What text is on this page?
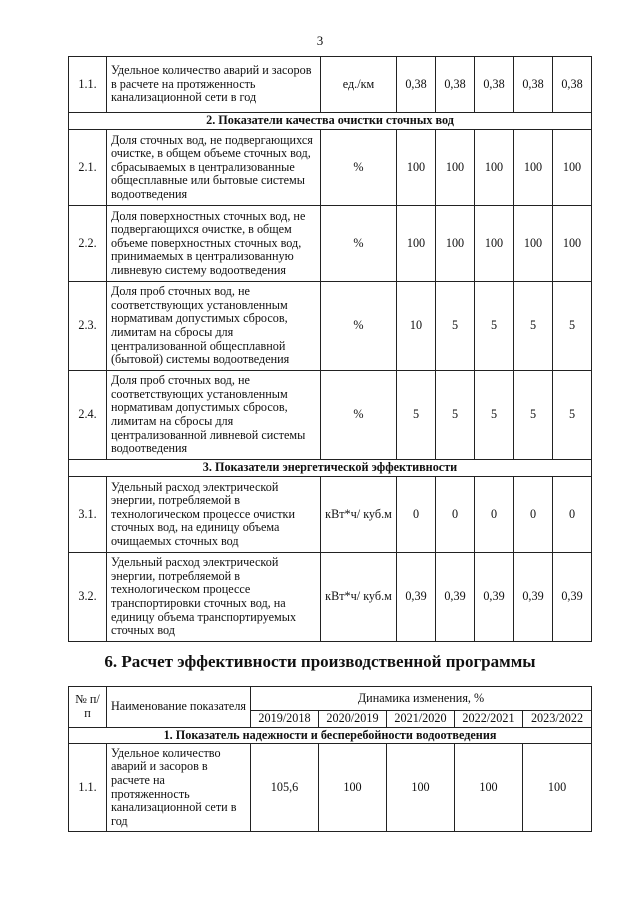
3
1.1.	Удельное количество аварий и засоров в расчете на протяженность канализационной сети в год	ед./км	0,38	0,38	0,38	0,38	0,38
2. Показатели качества очистки сточных вод							
2.1.	Доля сточных вод, не подвергающихся очистке, в общем объеме сточных вод, сбрасываемых в централизованные общесплавные или бытовые системы водоотведения	%	100	100	100	100	100
2.2.	Доля поверхностных сточных вод, не подвергающихся очистке, в общем объеме поверхностных сточных вод, принимаемых в централизованную ливневую систему водоотведения	%	100	100	100	100	100
2.3.	Доля проб сточных вод, не соответствующих установленным нормативам допустимых сбросов, лимитам на сбросы для централизованной общесплавной (бытовой) системы водоотведения	%	10	5	5	5	5
2.4.	Доля проб сточных вод, не соответствующих установленным нормативам допустимых сбросов, лимитам на сбросы для централизованной ливневой системы водоотведения	%	5	5	5	5	5
3. Показатели энергетической эффективности							
3.1.	Удельный расход электрической энергии, потребляемой в технологическом процессе очистки сточных вод, на единицу объема очищаемых сточных вод	кВт*ч/ куб.м	0	0	0	0	0
3.2.	Удельный расход электрической энергии, потребляемой в технологическом процессе транспортировки сточных вод, на единицу объема транспортируемых сточных вод	кВт*ч/ куб.м	0,39	0,39	0,39	0,39	0,39
6. Расчет эффективности производственной программы
№ п/п	Наименование показателя	Динамика изменения, %				
		2019/2018	2020/2019	2021/2020	2022/2021	2023/2022
1. Показатель надежности и бесперебойности водоотведения						
1.1.	Удельное количество аварий и засоров в расчете на протяженность канализационной сети в год	105,6	100	100	100	100
